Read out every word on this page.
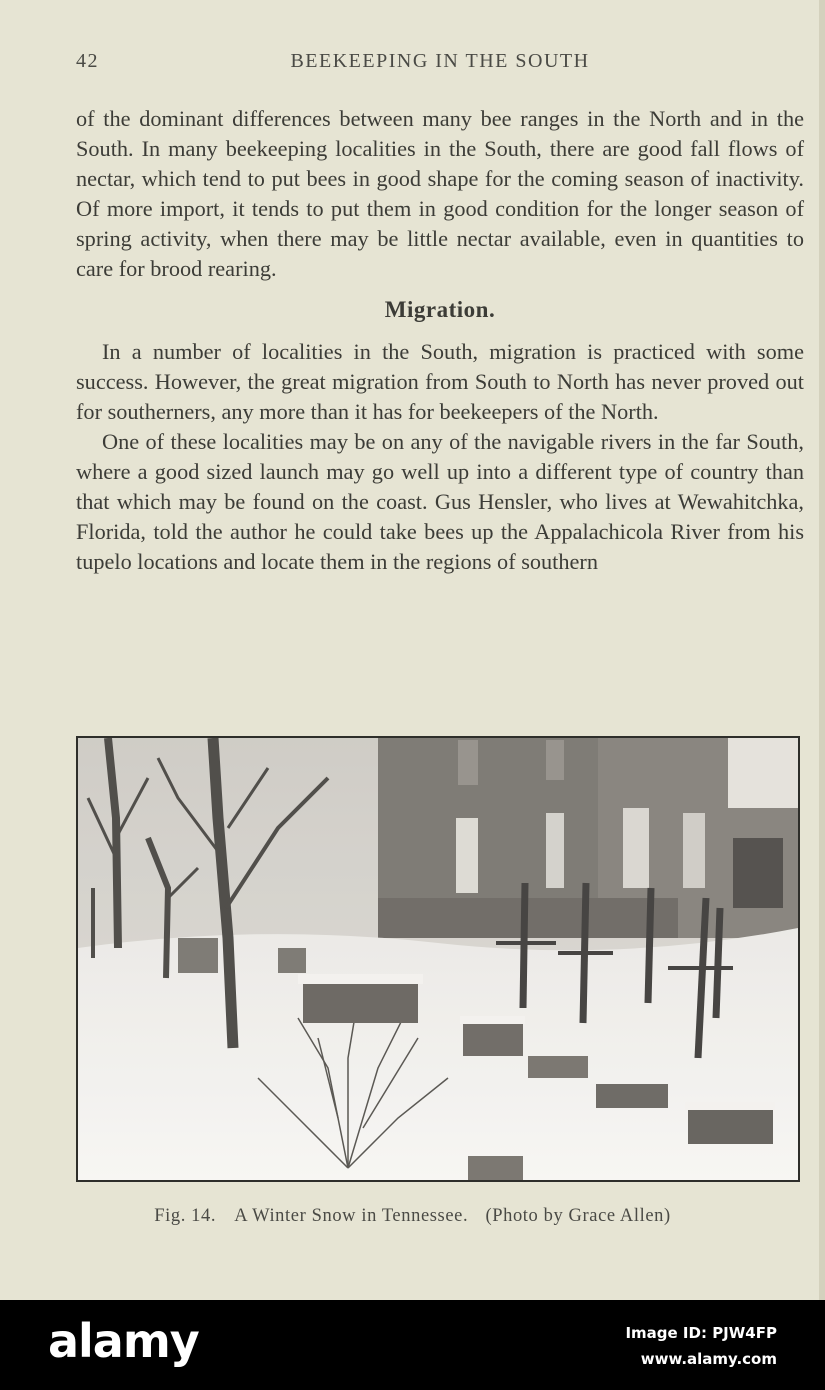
42	BEEKEEPING IN THE SOUTH

of the dominant differences between many bee ranges in the North and in the South. In many beekeeping localities in the South, there are good fall flows of nectar, which tend to put bees in good shape for the coming season of inactivity. Of more import, it tends to put them in good condition for the longer season of spring activity, when there may be little nectar available, even in quantities to care for brood rearing.

Migration.

In a number of localities in the South, migration is practiced with some success. However, the great migration from South to North has never proved out for southerners, any more than it has for beekeepers of the North.

One of these localities may be on any of the navigable rivers in the far South, where a good sized launch may go well up into a different type of country than that which may be found on the coast. Gus Hensler, who lives at Wewahitchka, Florida, told the author he could take bees up the Appalachicola River from his tupelo locations and locate them in the regions of southern

Fig. 14. A Winter Snow in Tennessee. (Photo by Grace Allen)
alamy	Image ID: PJW4FP
www.alamy.com
